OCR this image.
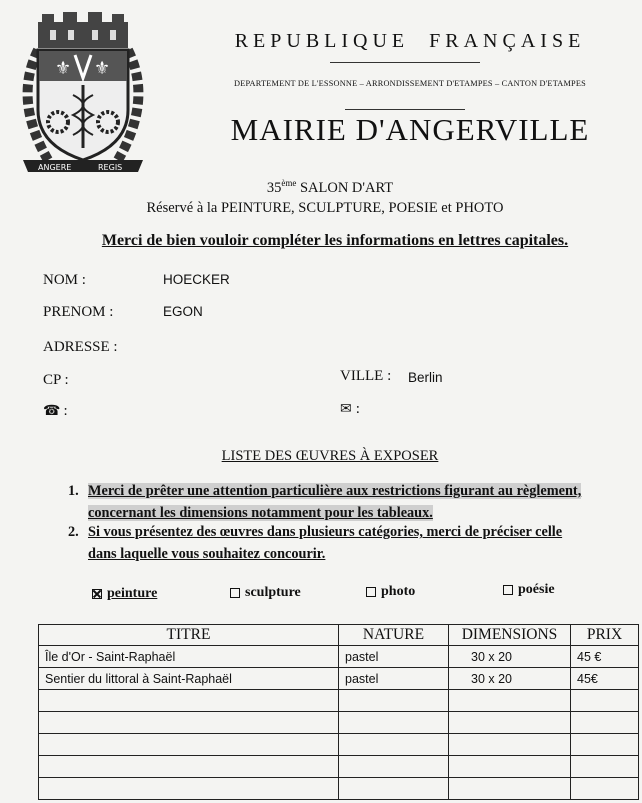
⚜ ⚜
ANGERE	REGIS
REPUBLIQUE  FRANÇAISE
DEPARTEMENT DE L'ESSONNE – ARRONDISSEMENT D'ETAMPES – CANTON D'ETAMPES
MAIRIE D'ANGERVILLE
35ème SALON D'ART
Réservé à la PEINTURE, SCULPTURE, POESIE et PHOTO
Merci de bien vouloir compléter les informations en lettres capitales.
NOM :	HOECKER
PRENOM :	EGON
ADRESSE :
CP :	VILLE : Berlin
☎ :	✉ :
LISTE DES ŒUVRES À EXPOSER
1. Merci de prêter une attention particulière aux restrictions figurant au règlement,
concernant les dimensions notamment pour les tableaux.
2. Si vous présentez des œuvres dans plusieurs catégories, merci de préciser celle
dans laquelle vous souhaitez concourir.
peinture	sculpture	photo	poésie
TITRE	NATURE	DIMENSIONS	PRIX
Île d'Or - Saint-Raphaël	pastel	30 x 20	45 €
Sentier du littoral à Saint-Raphaël	pastel	30 x 20	45€
